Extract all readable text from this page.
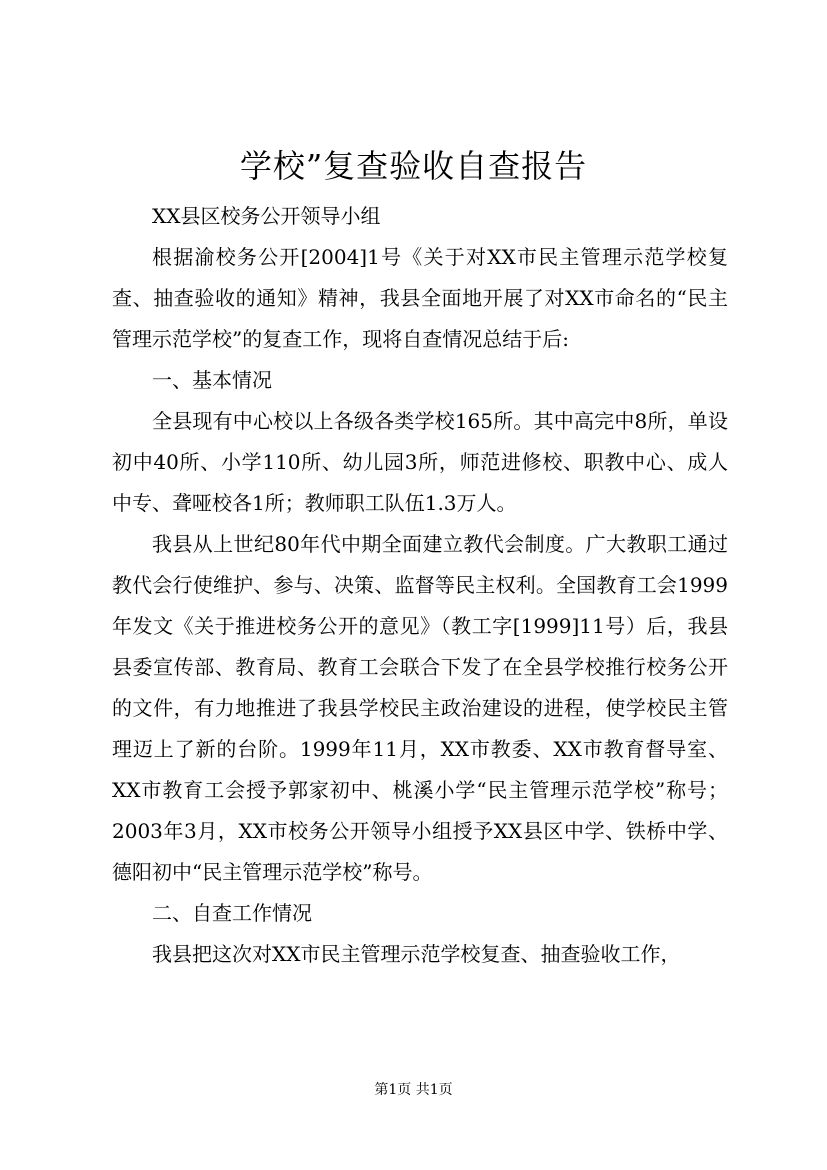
学校”复查验收自查报告

XX县区校务公开领导小组

根据渝校务公开[2004]1号《关于对XX市民主管理示范学校复查、抽查验收的通知》精神，我县全面地开展了对XX市命名的“民主管理示范学校”的复查工作，现将自查情况总结于后:

一、基本情况

全县现有中心校以上各级各类学校165所。其中高完中8所，单设初中40所、小学110所、幼儿园3所，师范进修校、职教中心、成人中专、聋哑校各1所；教师职工队伍1.3万人。

我县从上世纪80年代中期全面建立教代会制度。广大教职工通过教代会行使维护、参与、决策、监督等民主权利。全国教育工会1999年发文《关于推进校务公开的意见》（教工字[1999]11号）后，我县县委宣传部、教育局、教育工会联合下发了在全县学校推行校务公开的文件，有力地推进了我县学校民主政治建设的进程，使学校民主管理迈上了新的台阶。1999年11月，XX市教委、XX市教育督导室、XX市教育工会授予郭家初中、桃溪小学“民主管理示范学校”称号；2003年3月，XX市校务公开领导小组授予XX县区中学、铁桥中学、德阳初中“民主管理示范学校”称号。

二、自查工作情况

我县把这次对XX市民主管理示范学校复查、抽查验收工作，

第1页 共1页
